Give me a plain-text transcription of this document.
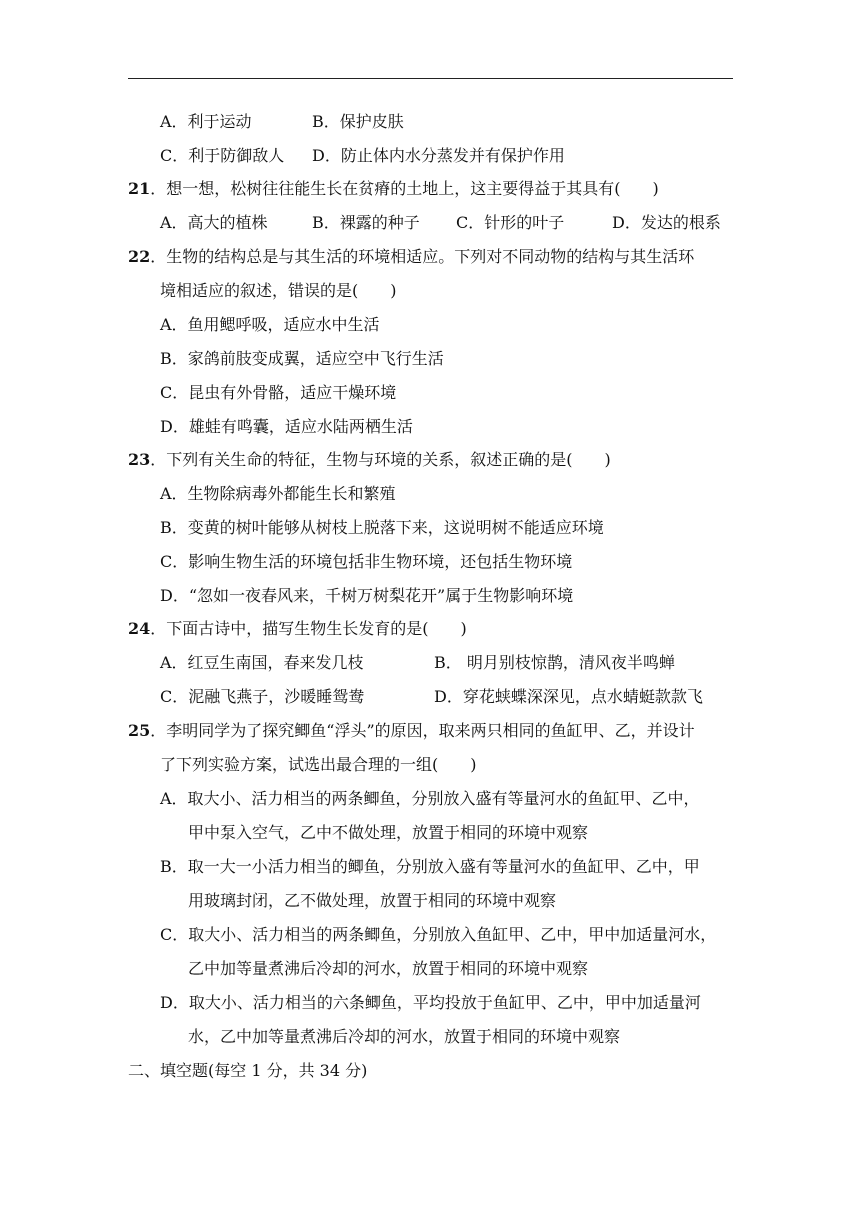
A．利于运动	B．保护皮肤
C．利于防御敌人 D．防止体内水分蒸发并有保护作用
21．想一想，松树往往能生长在贫瘠的土地上，这主要得益于其具有(　　)
A．高大的植株	B．裸露的种子 C．针形的叶子	D．发达的根系
22．生物的结构总是与其生活的环境相适应。下列对不同动物的结构与其生活环
境相适应的叙述，错误的是(　　)
A．鱼用鳃呼吸，适应水中生活
B．家鸽前肢变成翼，适应空中飞行生活
C．昆虫有外骨骼，适应干燥环境
D．雄蛙有鸣囊，适应水陆两栖生活
23．下列有关生命的特征，生物与环境的关系，叙述正确的是(　　)
A．生物除病毒外都能生长和繁殖
B．变黄的树叶能够从树枝上脱落下来，这说明树不能适应环境
C．影响生物生活的环境包括非生物环境，还包括生物环境
D．“忽如一夜春风来，千树万树梨花开”属于生物影响环境
24．下面古诗中，描写生物生长发育的是(　　)
A．红豆生南国，春来发几枝	B． 明月别枝惊鹊，清风夜半鸣蝉
C．泥融飞燕子，沙暖睡鸳鸯	D．穿花蛱蝶深深见，点水蜻蜓款款飞
25．李明同学为了探究鲫鱼“浮头”的原因，取来两只相同的鱼缸甲、乙，并设计
了下列实验方案，试选出最合理的一组(　　)
A．取大小、活力相当的两条鲫鱼，分别放入盛有等量河水的鱼缸甲、乙中，
甲中泵入空气，乙中不做处理，放置于相同的环境中观察
B．取一大一小活力相当的鲫鱼，分别放入盛有等量河水的鱼缸甲、乙中，甲
用玻璃封闭，乙不做处理，放置于相同的环境中观察
C．取大小、活力相当的两条鲫鱼，分别放入鱼缸甲、乙中，甲中加适量河水，
乙中加等量煮沸后冷却的河水，放置于相同的环境中观察
D．取大小、活力相当的六条鲫鱼，平均投放于鱼缸甲、乙中，甲中加适量河
水，乙中加等量煮沸后冷却的河水，放置于相同的环境中观察
二、填空题(每空 1 分，共 34 分)
